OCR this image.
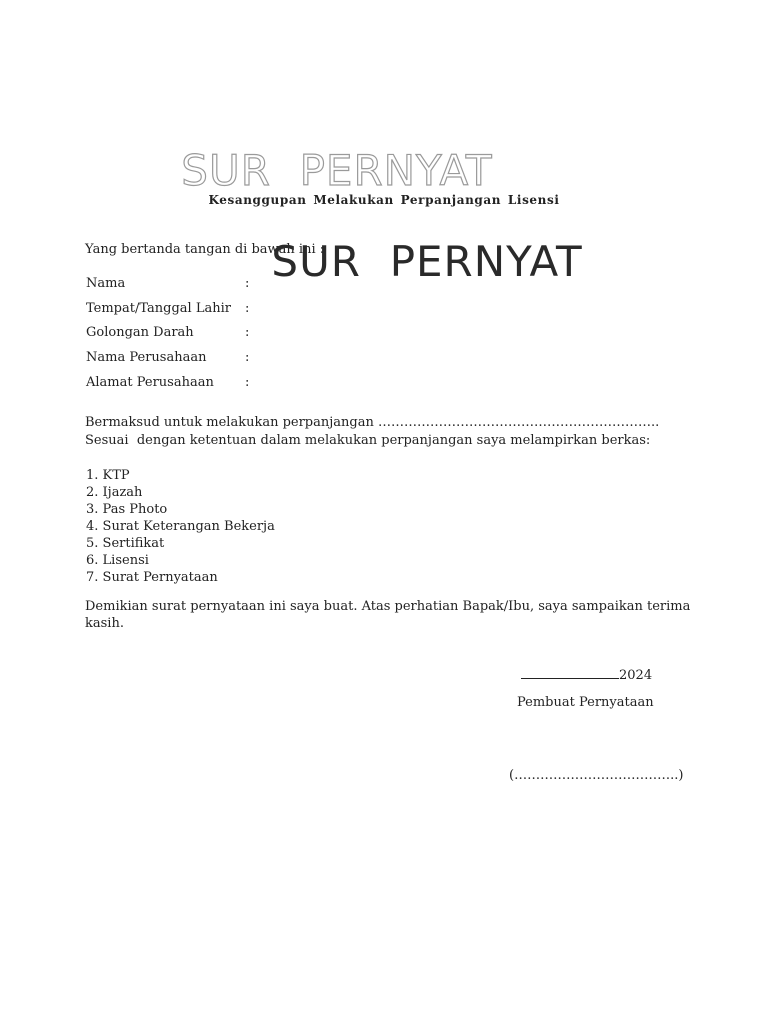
SUR  PERNYAT

SUR  PERNYAT

Kesanggupan Melakukan Perpanjangan Lisensi
Yang bertanda tangan di bawah ini :
Nama	:
Tempat/Tanggal Lahir :
Golongan Darah	:
Nama Perusahaan	:
Alamat Perusahaan :
Bermaksud untuk melakukan perpanjangan ………………………………………………………..
Sesuai  dengan ketentuan dalam melakukan perpanjangan saya melampirkan berkas:
1. KTP
2. Ijazah
3. Pas Photo
4. Surat Keterangan Bekerja
5. Sertifikat
6. Lisensi
7. Surat Pernyataan
Demikian surat pernyataan ini saya buat. Atas perhatian Bapak/Ibu, saya sampaikan terima kasih.
2024
Pembuat Pernyataan
(………………………………..)
